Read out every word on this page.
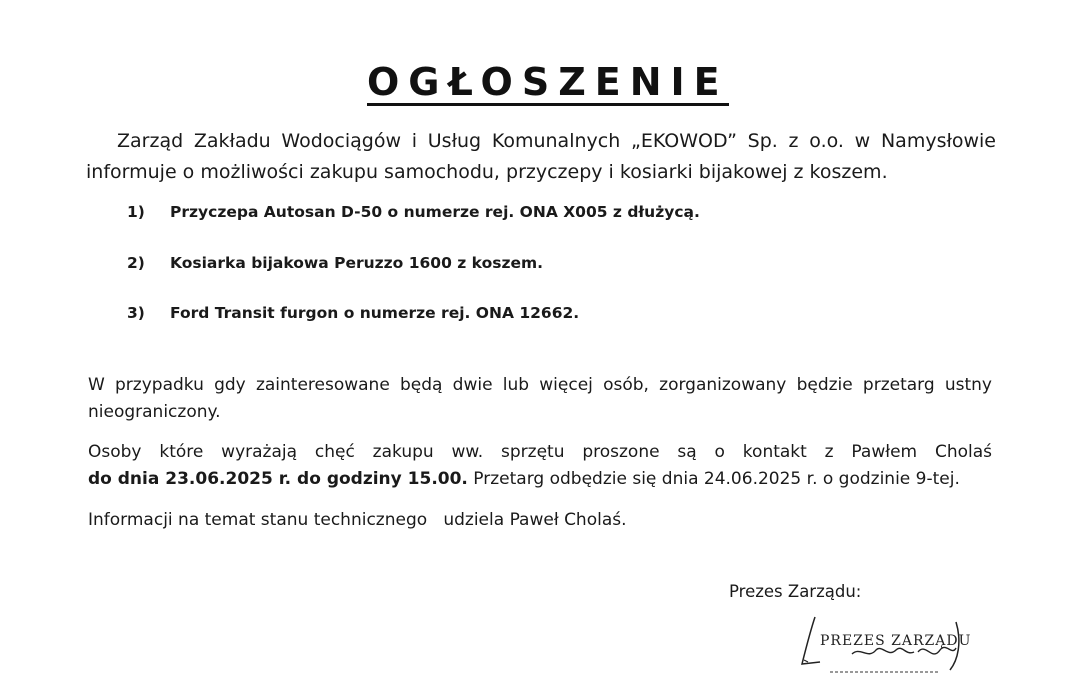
OGŁOSZENIE
Zarząd Zakładu Wodociągów i Usług Komunalnych „EKOWOD” Sp. z o.o. w Namysłowie
informuje o możliwości zakupu samochodu, przyczepy i kosiarki bijakowej z koszem.
1)	Przyczepa Autosan D-50 o numerze rej. ONA X005 z dłużycą.
2)	Kosiarka bijakowa Peruzzo 1600 z koszem.
3)	Ford Transit furgon o numerze rej. ONA 12662.
W przypadku gdy zainteresowane będą dwie lub więcej osób, zorganizowany będzie przetarg ustny
nieograniczony.
Osoby które wyrażają chęć zakupu ww. sprzętu proszone są o kontakt z Pawłem Cholaś
do dnia 23.06.2025 r. do godziny 15.00. Przetarg odbędzie się dnia 24.06.2025 r. o godzinie 9-tej.
Informacji na temat stanu technicznego   udziela Paweł Cholaś.
Prezes Zarządu:
PREZES ZARZĄDU
